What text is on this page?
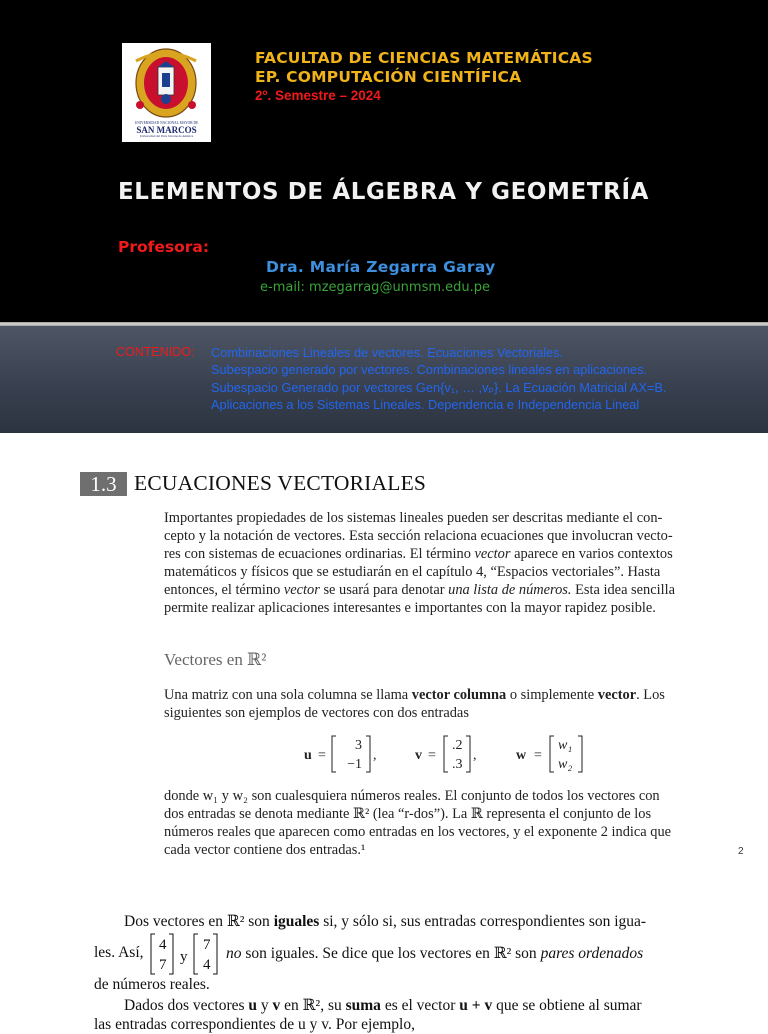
UNIVERSIDAD NACIONAL MAYOR DE
SAN MARCOS
Universidad del Perú, Decana de América
FACULTAD DE CIENCIAS MATEMÁTICAS
EP. COMPUTACIÓN CIENTÍFICA
2º. Semestre – 2024
ELEMENTOS DE ÁLGEBRA Y GEOMETRÍA
Profesora:
Dra. María Zegarra Garay
e-mail: mzegarrag@unmsm.edu.pe
CONTENIDO: Combinaciones Lineales de vectores. Ecuaciones Vectoriales.
Subespacio generado por vectores. Combinaciones lineales en aplicaciones.
Subespacio Generado por vectores Gen{v₁, … ,vₚ}. La Ecuación Matricial AX=B.
Aplicaciones a los Sistemas Lineales. Dependencia e Independencia Lineal
1.3 ECUACIONES VECTORIALES
Importantes propiedades de los sistemas lineales pueden ser descritas mediante el con-
cepto y la notación de vectores. Esta sección relaciona ecuaciones que involucran vecto-
res con sistemas de ecuaciones ordinarias. El término vector aparece en varios contextos
matemáticos y físicos que se estudiarán en el capítulo 4, “Espacios vectoriales”. Hasta
entonces, el término vector se usará para denotar una lista de números. Esta idea sencilla
permite realizar aplicaciones interesantes e importantes con la mayor rapidez posible.
Vectores en ℝ²
Una matriz con una sola columna se llama vector columna o simplemente vector. Los
siguientes son ejemplos de vectores con dos entradas
u =
3
−1
,	v =
.2
.3
,	w =
w₁
w₂
donde w₁ y w₂ son cualesquiera números reales. El conjunto de todos los vectores con
dos entradas se denota mediante ℝ² (lea “r-dos”). La ℝ representa el conjunto de los
números reales que aparecen como entradas en los vectores, y el exponente 2 indica que
cada vector contiene dos entradas.¹	2
Dos vectores en ℝ² son iguales si, y sólo si, sus entradas correspondientes son igua-
les. Así, 4
7 y
7
4
no son iguales. Se dice que los vectores en ℝ² son pares ordenados
de números reales.
Dados dos vectores u y v en ℝ², su suma es el vector u + v que se obtiene al sumar
las entradas correspondientes de u y v. Por ejemplo,
